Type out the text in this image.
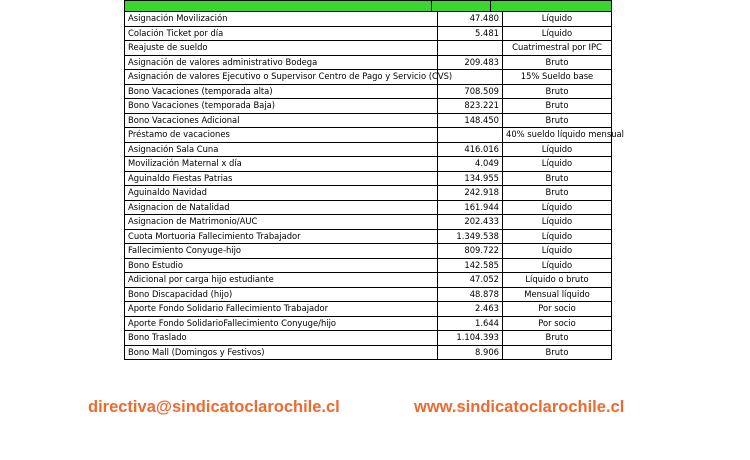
Asignación Movilización	47.480	Líquido
Colación Ticket por día	5.481	Líquido
Reajuste de sueldo		Cuatrimestral por IPC
Asignación de valores administrativo Bodega	209.483	Bruto
Asignación de valores Ejecutivo o Supervisor Centro de Pago y Servicio (CVS)		15% Sueldo base
Bono Vacaciones (temporada alta)	708.509	Bruto
Bono Vacaciones (temporada Baja)	823.221	Bruto
Bono Vacaciones Adicional	148.450	Bruto
Préstamo de vacaciones		40% sueldo líquido mensual
Asignación Sala Cuna	416.016	Líquido
Movilización Maternal x día	4.049	Líquido
Aguinaldo Fiestas Patrias	134.955	Bruto
Aguinaldo Navidad	242.918	Bruto
Asignacion de Natalidad	161.944	Líquido
Asignacion de Matrimonio/AUC	202.433	Líquido
Cuota Mortuoria Fallecimiento Trabajador	1.349.538	Líquido
Fallecimiento Conyuge-hijo	809.722	Líquido
Bono Estudio	142.585	Líquido
Adicional por carga hijo estudiante	47.052	Líquido o bruto
Bono Discapacidad (hijo)	48.878	Mensual líquido
Aporte Fondo Solidario Fallecimiento Trabajador	2.463	Por socio
Aporte Fondo SolidarioFallecimiento Conyuge/hijo	1.644	Por socio
Bono Traslado	1.104.393	Bruto
Bono Mall (Domingos y Festivos)	8.906	Bruto
directiva@sindicatoclarochile.cl	www.sindicatoclarochile.cl
